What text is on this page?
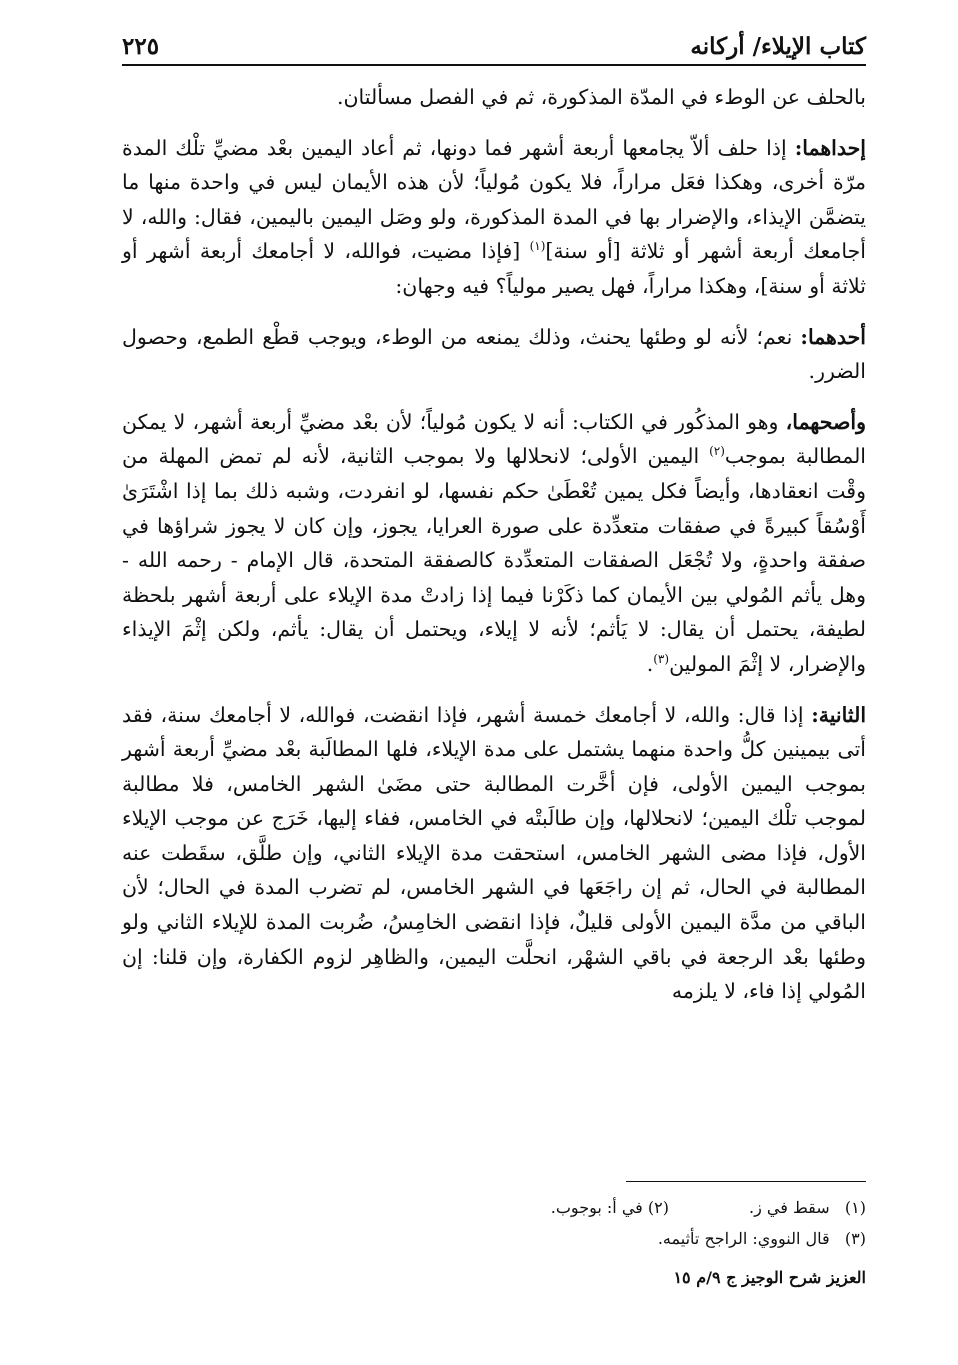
كتاب الإيلاء/ أركانه
٢٢٥

بالحلف عن الوطء في المدّة المذكورة، ثم في الفصل مسألتان.

إحداهما: إذا حلف ألاّ يجامعها أربعة أشهر فما دونها، ثم أعاد اليمين بعْد مضيِّ تلْك المدة مرّة أخرى، وهكذا فعَل مراراً، فلا يكون مُولياً؛ لأن هذه الأيمان ليس في واحدة منها ما يتضمَّن الإيذاء، والإضرار بها في المدة المذكورة، ولو وصَل اليمين باليمين، فقال: والله، لا أجامعك أربعة أشهر أو ثلاثة [أو سنة]$^{(١)}$ [فإذا مضيت، فوالله، لا أجامعك أربعة أشهر أو ثلاثة أو سنة]، وهكذا مراراً، فهل يصير مولياً؟ فيه وجهان:

أحدهما: نعم؛ لأنه لو وطئها يحنث، وذلك يمنعه من الوطء، ويوجب قطْع الطمع، وحصول الضرر.

وأصحهما، وهو المذكُور في الكتاب: أنه لا يكون مُولياً؛ لأن بعْد مضيِّ أربعة أشهر، لا يمكن المطالبة بموجب$^{(٢)}$ اليمين الأولى؛ لانحلالها ولا بموجب الثانية، لأنه لم تمض المهلة من وقْت انعقادها، وأيضاً فكل يمين تُعْطَىٰ حكم نفسها، لو انفردت، وشبه ذلك بما إذا اشْتَرَىٰ أَوْسُقاً كبيرةً في صفقات متعدِّدة على صورة العرايا، يجوز، وإن كان لا يجوز شراؤها في صفقة واحدةٍ، ولا تُجْعَل الصفقات المتعدِّدة كالصفقة المتحدة، قال الإمام - رحمه الله - وهل يأثم المُولي بين الأيمان كما ذكَرْنا فيما إذا زادتْ مدة الإيلاء على أربعة أشهر بلحظة لطيفة، يحتمل أن يقال: لا يَأثم؛ لأنه لا إيلاء، ويحتمل أن يقال: يأثم، ولكن إثْمَ الإيذاء والإضرار، لا إثْمَ المولين$^{(٣)}$.

الثانية: إذا قال: والله، لا أجامعك خمسة أشهر، فإذا انقضت، فوالله، لا أجامعك سنة، فقد أتى بيمينين كلُّ واحدة منهما يشتمل على مدة الإيلاء، فلها المطالَبة بعْد مضيِّ أربعة أشهر بموجب اليمين الأولى، فإن أخَّرت المطالبة حتى مضَىٰ الشهر الخامس، فلا مطالبة لموجب تلْك اليمين؛ لانحلالها، وإن طالَبتْه في الخامس، ففاء إليها، خَرَج عن موجب الإيلاء الأول، فإذا مضى الشهر الخامس، استحقت مدة الإيلاء الثاني، وإن طلَّق، سقَطت عنه المطالبة في الحال، ثم إن راجَعَها في الشهر الخامس، لم تضرب المدة في الحال؛ لأن الباقي من مدَّة اليمين الأولى قليلٌ، فإذا انقضى الخامِسُ، ضُربت المدة للإيلاء الثاني ولو وطئها بعْد الرجعة في باقي الشهْر، انحلَّت اليمين، والظاهِر لزوم الكفارة، وإن قلنا: إن المُولي إذا فاء، لا يلزمه

(١)   سقط في ز.
(٢) في أ: بوجوب.
(٣)   قال النووي: الراجح تأثيمه.
العزيز شرح الوجيز ج ٩/م ١٥
